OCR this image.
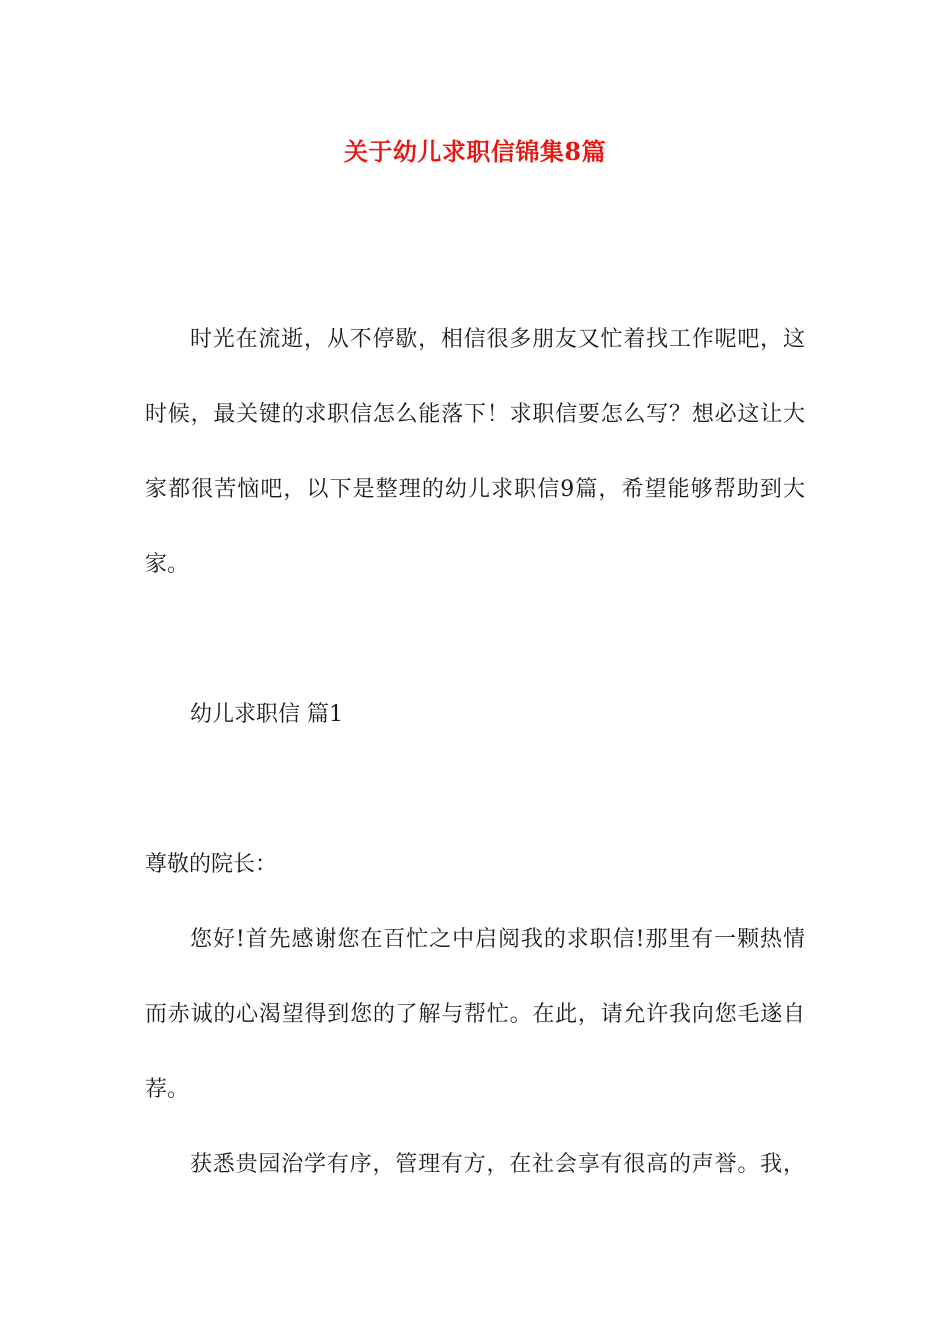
关于幼儿求职信锦集8篇
时光在流逝，从不停歇，相信很多朋友又忙着找工作呢吧，这
时候，最关键的求职信怎么能落下！求职信要怎么写？想必这让大
家都很苦恼吧，以下是整理的幼儿求职信9篇，希望能够帮助到大
家。
幼儿求职信 篇1
尊敬的院长：
您好!首先感谢您在百忙之中启阅我的求职信!那里有一颗热情
而赤诚的心渴望得到您的了解与帮忙。在此，请允许我向您毛遂自
荐。
获悉贵园治学有序，管理有方，在社会享有很高的声誉。我，
